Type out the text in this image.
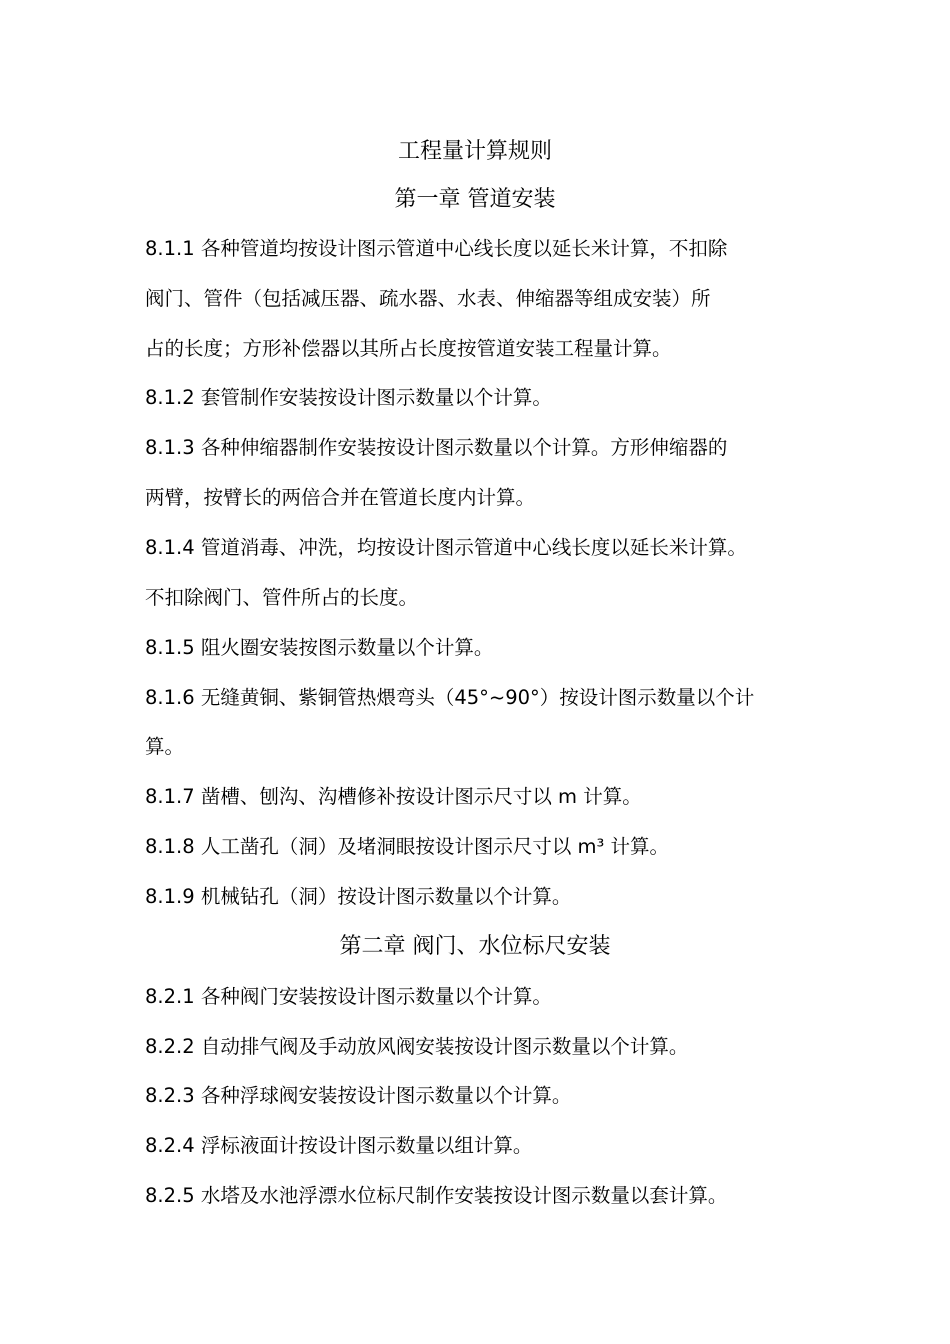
工程量计算规则
第一章 管道安装
8.1.1 各种管道均按设计图示管道中心线长度以延长米计算，不扣除
阀门、管件（包括减压器、疏水器、水表、伸缩器等组成安装）所
占的长度；方形补偿器以其所占长度按管道安装工程量计算。
8.1.2 套管制作安装按设计图示数量以个计算。
8.1.3 各种伸缩器制作安装按设计图示数量以个计算。方形伸缩器的
两臂，按臂长的两倍合并在管道长度内计算。
8.1.4 管道消毒、冲洗，均按设计图示管道中心线长度以延长米计算。
不扣除阀门、管件所占的长度。
8.1.5 阻火圈安装按图示数量以个计算。
8.1.6 无缝黄铜、紫铜管热煨弯头（45°~90°）按设计图示数量以个计
算。
8.1.7 凿槽、刨沟、沟槽修补按设计图示尺寸以 m 计算。
8.1.8 人工凿孔（洞）及堵洞眼按设计图示尺寸以 m³ 计算。
8.1.9 机械钻孔（洞）按设计图示数量以个计算。
第二章 阀门、水位标尺安装
8.2.1 各种阀门安装按设计图示数量以个计算。
8.2.2 自动排气阀及手动放风阀安装按设计图示数量以个计算。
8.2.3 各种浮球阀安装按设计图示数量以个计算。
8.2.4 浮标液面计按设计图示数量以组计算。
8.2.5 水塔及水池浮漂水位标尺制作安装按设计图示数量以套计算。
